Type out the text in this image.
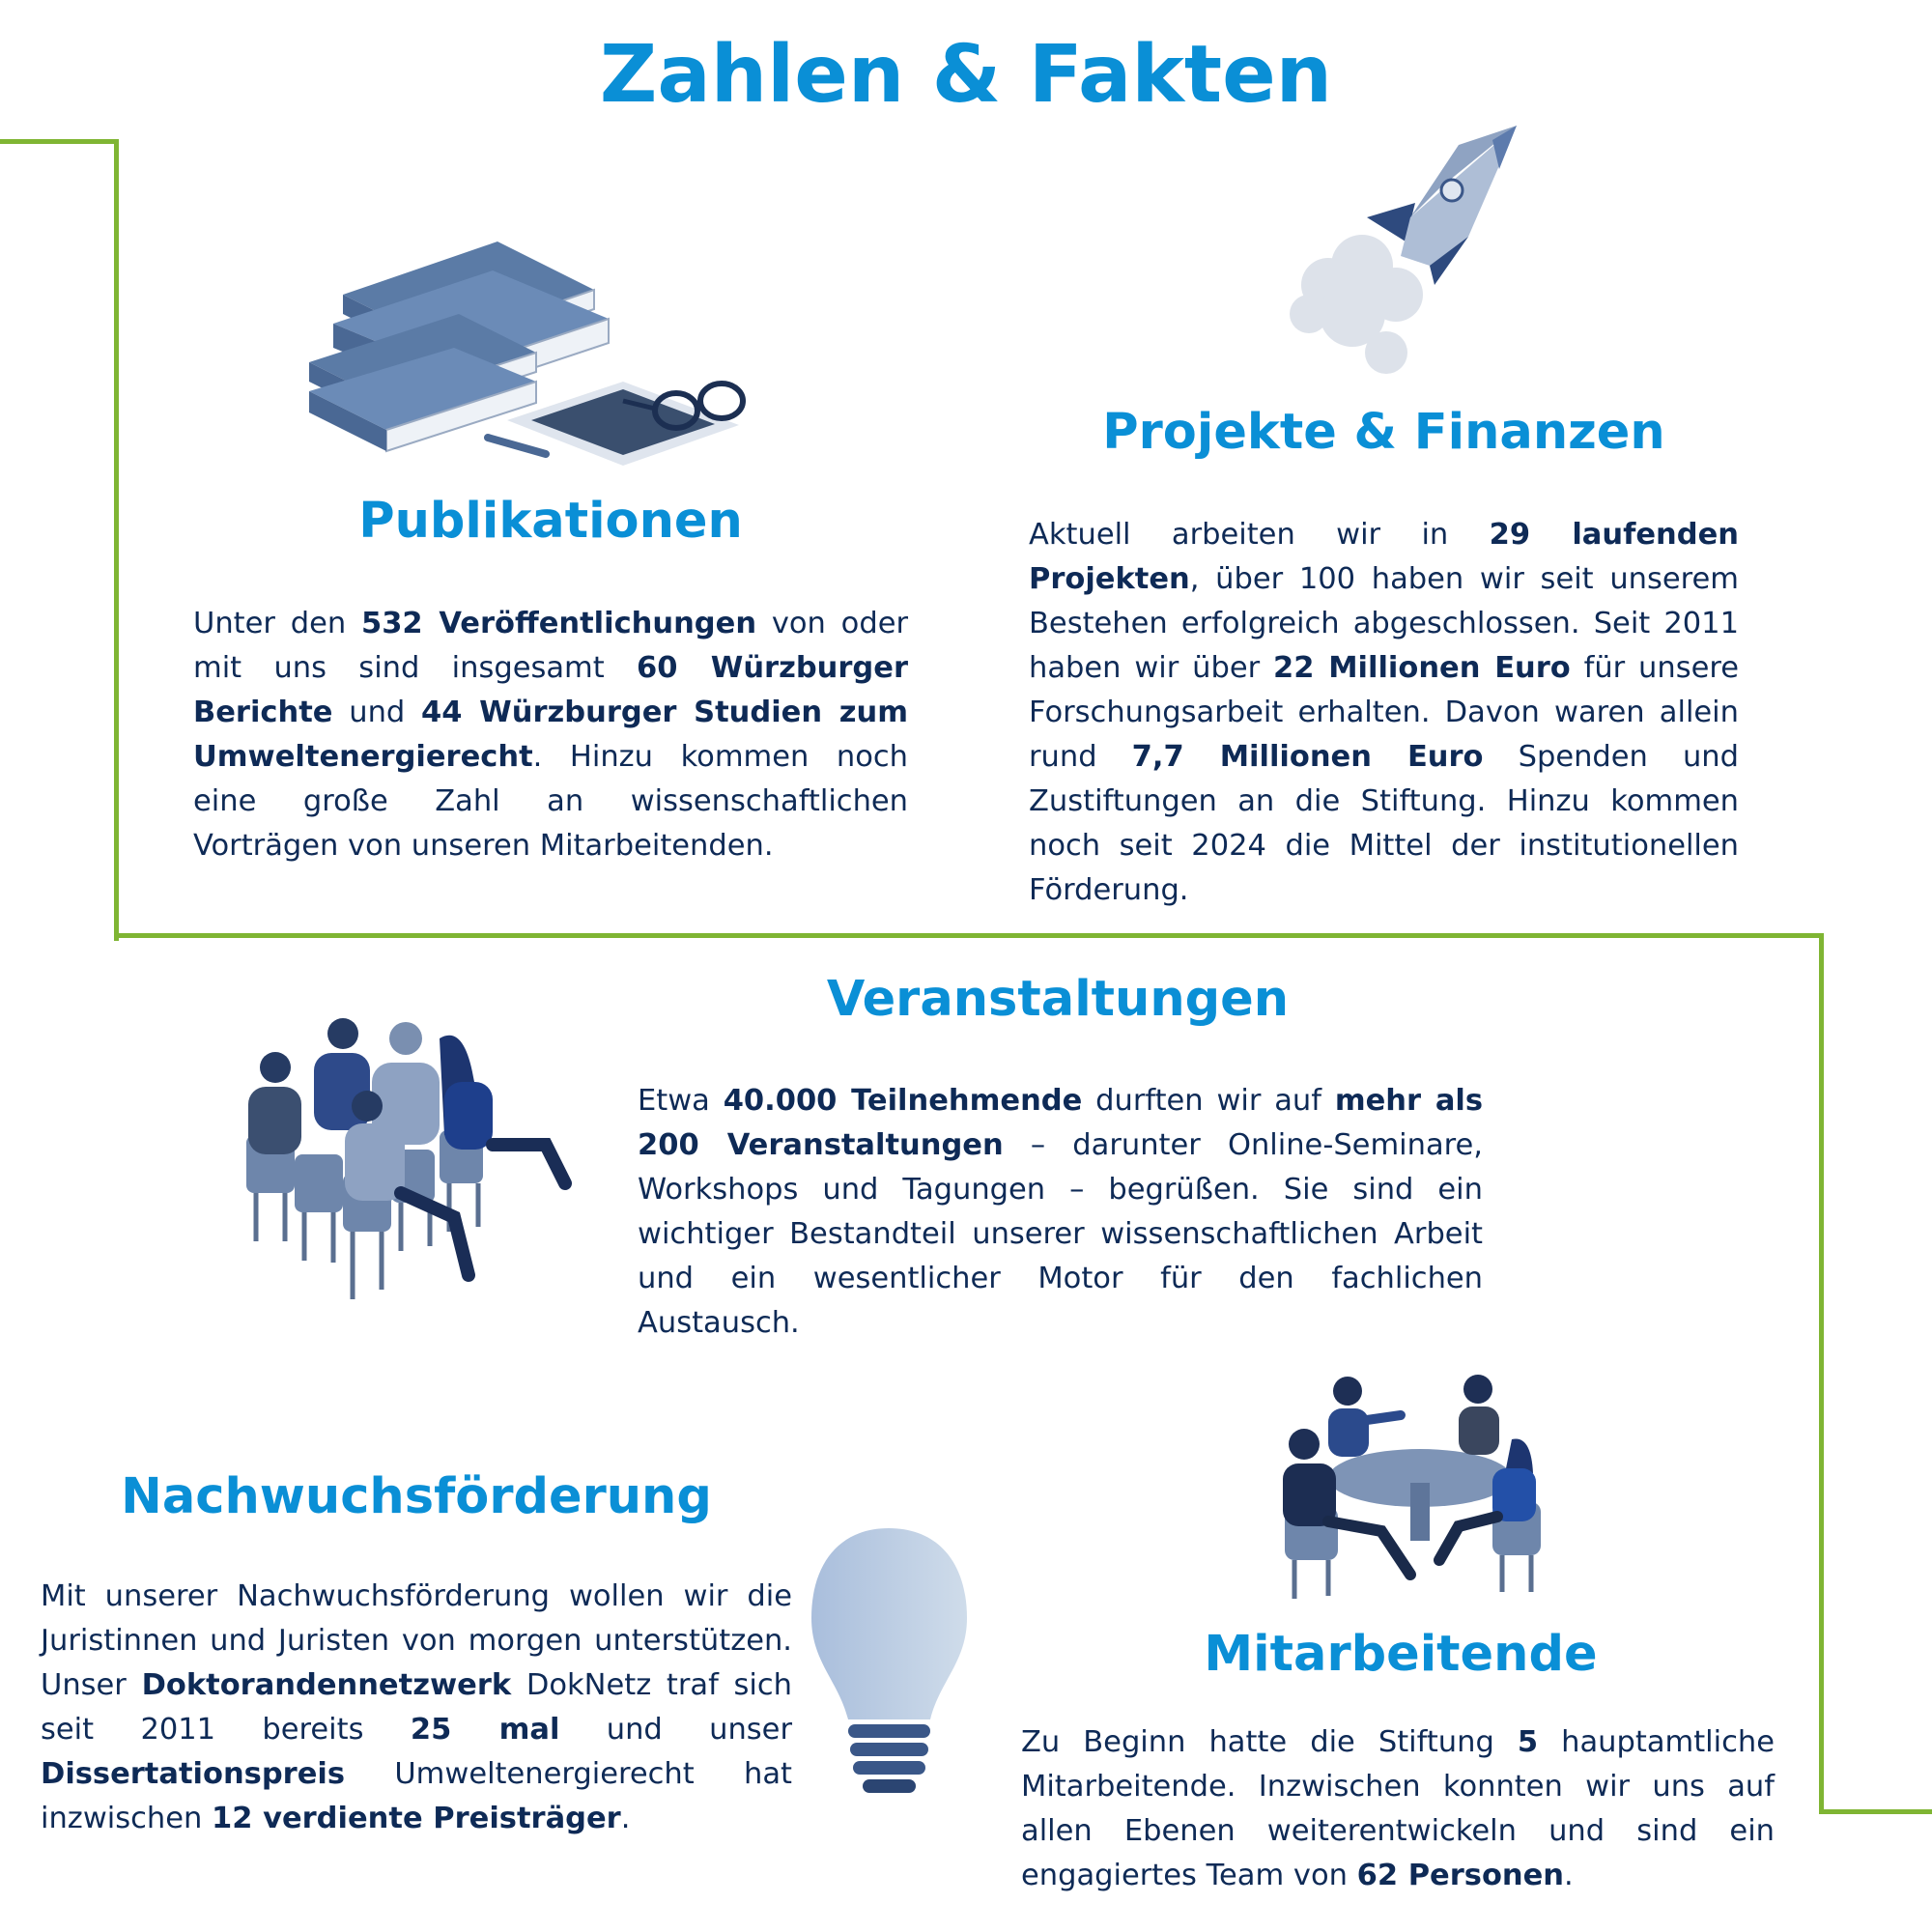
Zahlen & Fakten
Publikationen

Unter den 532 Veröffentlichungen von oder mit uns sind insgesamt 60 Würzburger Berichte und 44 Würzburger Studien zum Umweltenergierecht. Hinzu kommen noch eine große Zahl an wissenschaftlichen Vorträgen von unseren Mitarbeitenden.

Projekte & Finanzen

Aktuell arbeiten wir in 29 laufenden Projekten, über 100 haben wir seit unserem Bestehen erfolgreich abgeschlossen. Seit 2011 haben wir über 22 Millionen Euro für unsere Forschungsarbeit erhalten. Davon waren allein rund 7,7 Millionen Euro Spenden und Zustiftungen an die Stiftung. Hinzu kommen noch seit 2024 die Mittel der institutionellen Förderung.

Veranstaltungen

Etwa 40.000 Teilnehmende durften wir auf mehr als 200 Veranstaltungen – darunter Online-Seminare, Workshops und Tagungen – begrüßen. Sie sind ein wichtiger Bestandteil unserer wissenschaftlichen Arbeit und ein wesentlicher Motor für den fachlichen Austausch.

Nachwuchsförderung

Mit unserer Nachwuchsförderung wollen wir die Juristinnen und Juristen von morgen unterstützen. Unser Doktorandennetzwerk DokNetz traf sich seit 2011 bereits 25 mal und unser Dissertationspreis Umweltenergierecht hat inzwischen 12 verdiente Preisträger.

Mitarbeitende

Zu Beginn hatte die Stiftung 5 hauptamtliche Mitarbeitende. Inzwischen konnten wir uns auf allen Ebenen weiterentwickeln und sind ein engagiertes Team von 62 Personen.
